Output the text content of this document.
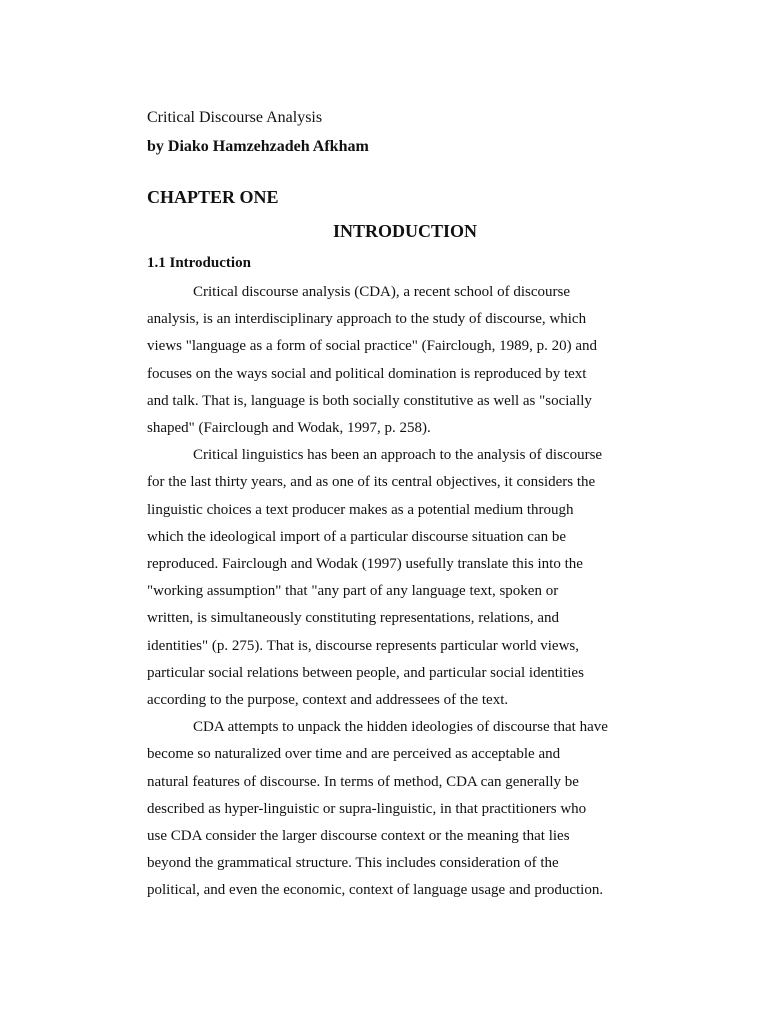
Critical Discourse Analysis

by Diako Hamzehzadeh Afkham

CHAPTER ONE
INTRODUCTION
1.1 Introduction
Critical discourse analysis (CDA), a recent school of discourse
analysis, is an interdisciplinary approach to the study of discourse, which
views "language as a form of social practice" (Fairclough, 1989, p. 20) and
focuses on the ways social and political domination is reproduced by text
and talk. That is, language is both socially constitutive as well as "socially
shaped" (Fairclough and Wodak, 1997, p. 258).
Critical linguistics has been an approach to the analysis of discourse
for the last thirty years, and as one of its central objectives, it considers the
linguistic choices a text producer makes as a potential medium through
which the ideological import of a particular discourse situation can be
reproduced. Fairclough and Wodak (1997) usefully translate this into the
"working assumption" that "any part of any language text, spoken or
written, is simultaneously constituting representations, relations, and
identities" (p. 275). That is, discourse represents particular world views,
particular social relations between people, and particular social identities
according to the purpose, context and addressees of the text.
CDA attempts to unpack the hidden ideologies of discourse that have
become so naturalized over time and are perceived as acceptable and
natural features of discourse. In terms of method, CDA can generally be
described as hyper-linguistic or supra-linguistic, in that practitioners who
use CDA consider the larger discourse context or the meaning that lies
beyond the grammatical structure. This includes consideration of the
political, and even the economic, context of language usage and production.
